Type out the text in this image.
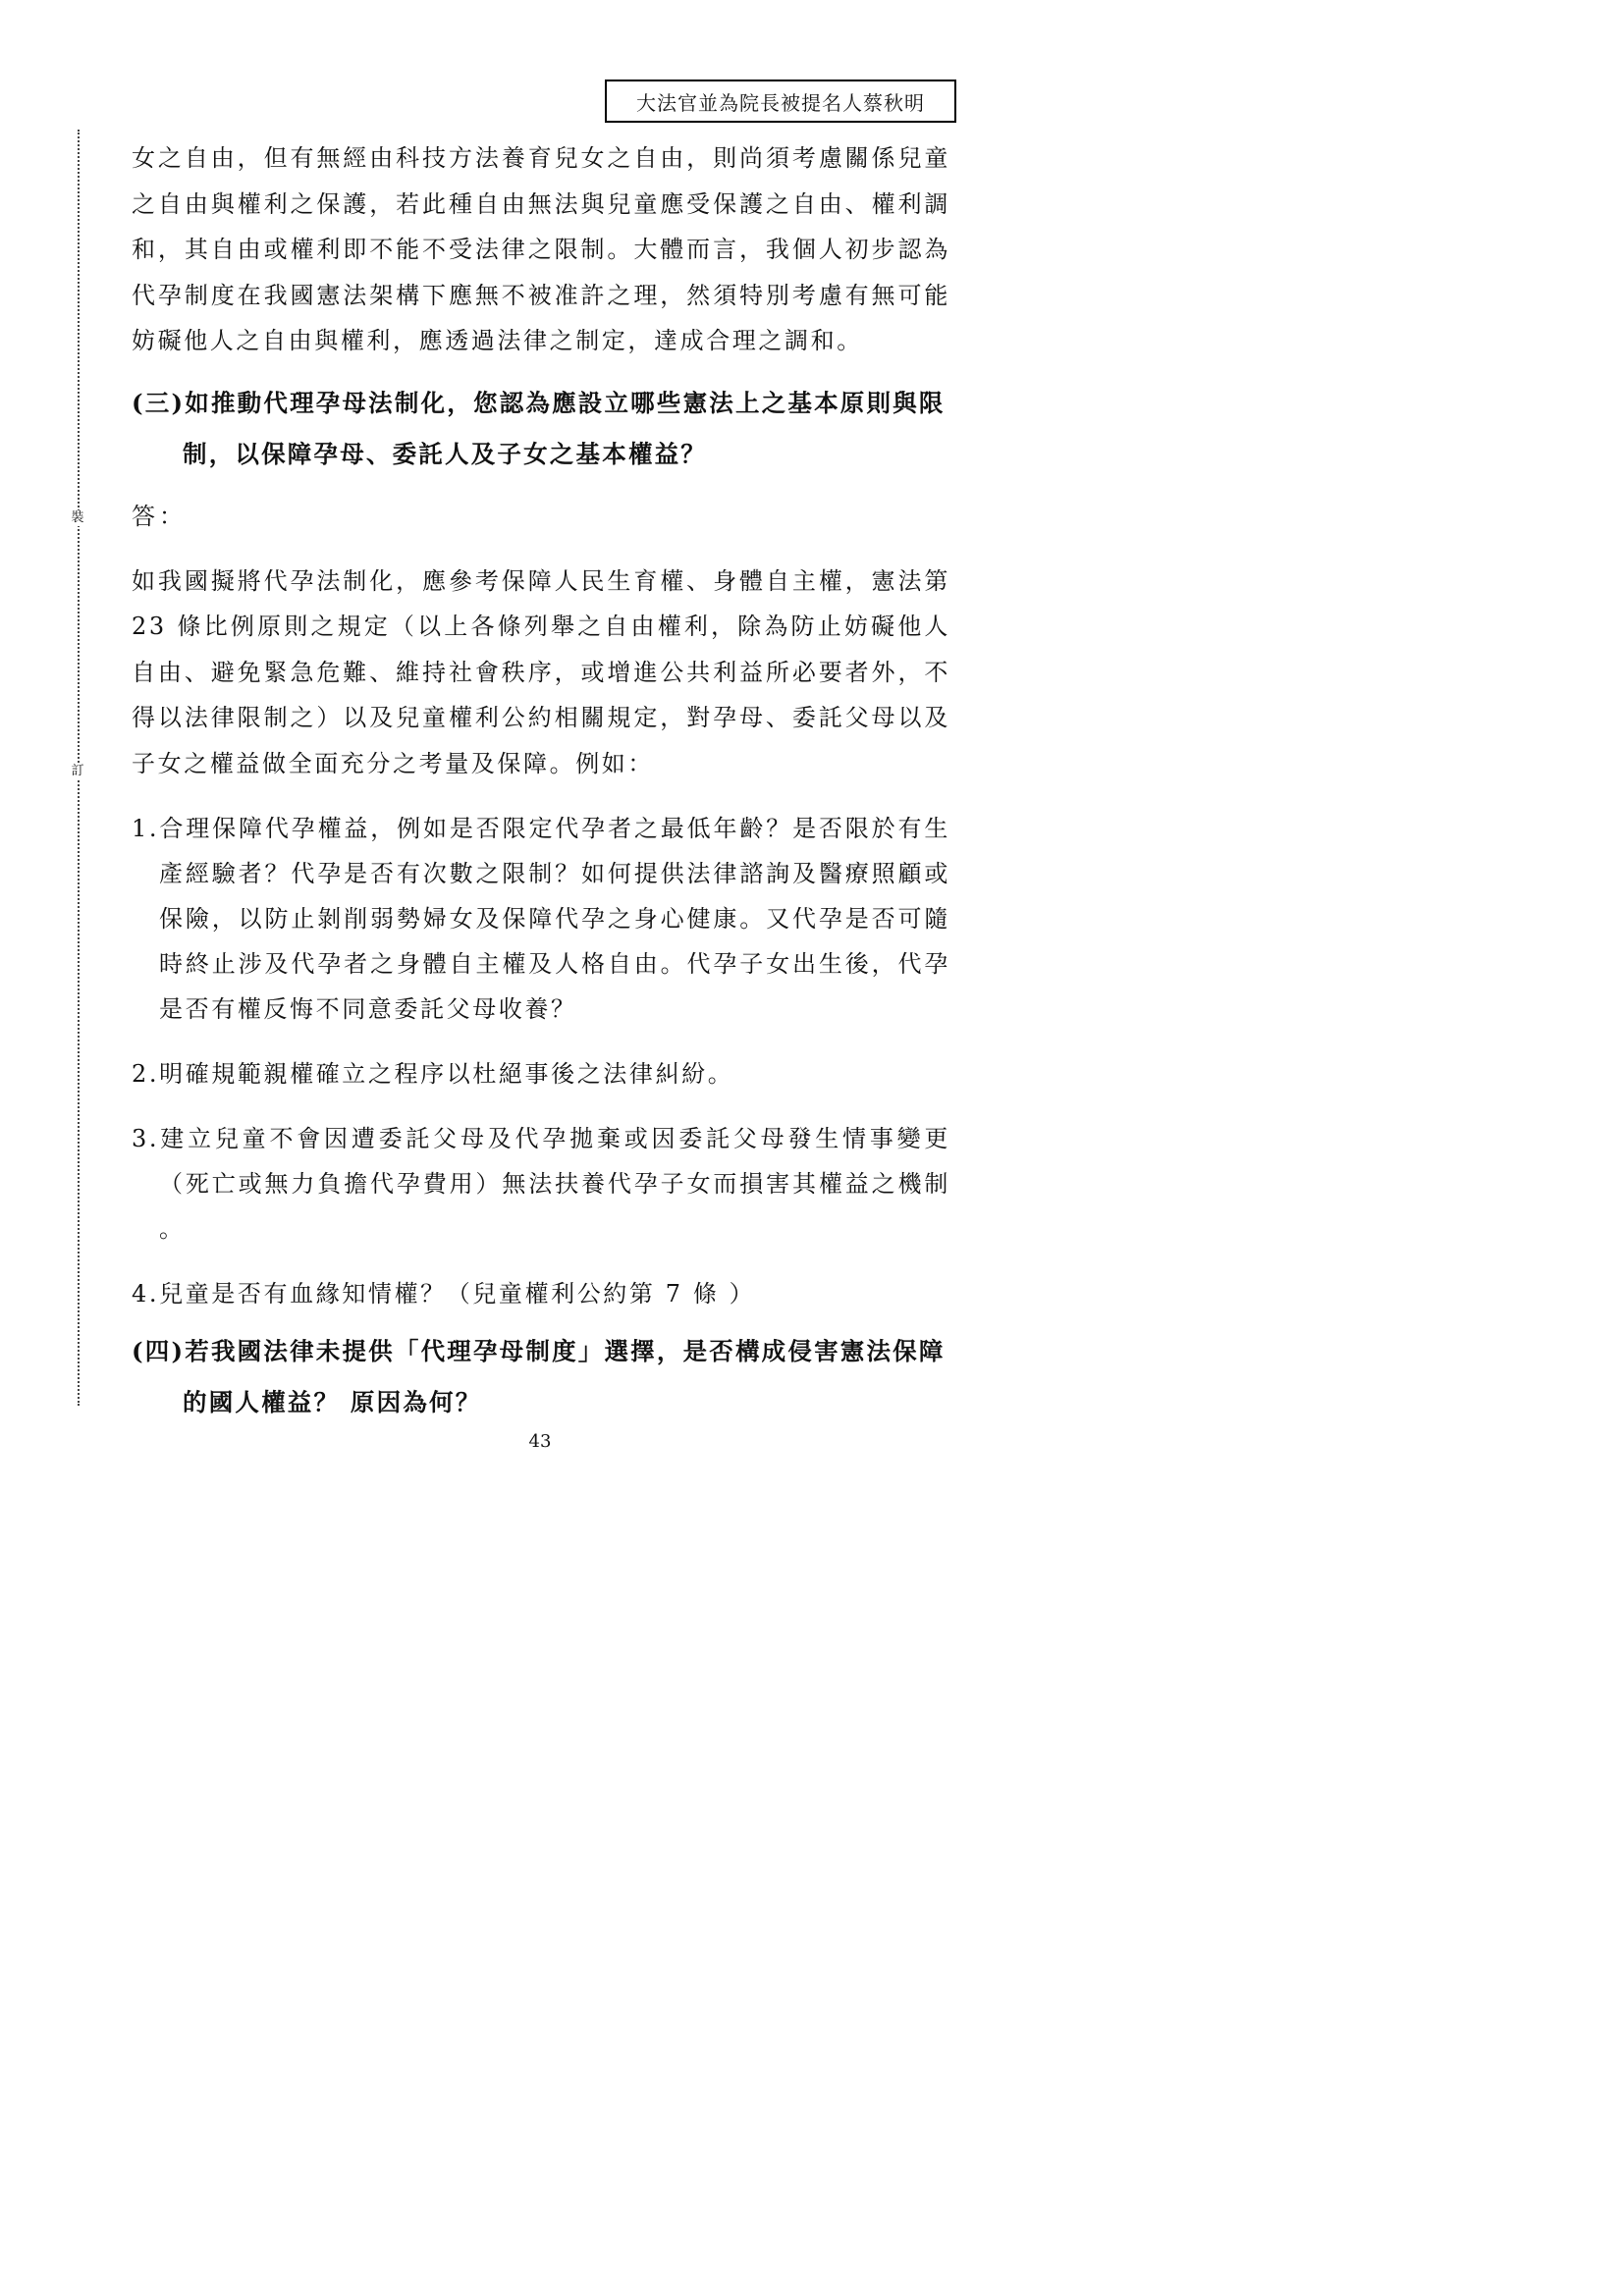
大法官並為院長被提名人蔡秋明
裝
訂

女之自由，但有無經由科技方法養育兒女之自由，則尚須考慮關係兒童之自由與權利之保護，若此種自由無法與兒童應受保護之自由、權利調和，其自由或權利即不能不受法律之限制。大體而言，我個人初步認為代孕制度在我國憲法架構下應無不被准許之理，然須特別考慮有無可能妨礙他人之自由與權利，應透過法律之制定，達成合理之調和。

(三)如推動代理孕母法制化，您認為應設立哪些憲法上之基本原則與限制，以保障孕母、委託人及子女之基本權益？

答：

如我國擬將代孕法制化，應參考保障人民生育權、身體自主權，憲法第 23 條比例原則之規定（以上各條列舉之自由權利，除為防止妨礙他人自由、避免緊急危難、維持社會秩序，或增進公共利益所必要者外，不得以法律限制之）以及兒童權利公約相關規定，對孕母、委託父母以及子女之權益做全面充分之考量及保障。例如：

1.合理保障代孕權益，例如是否限定代孕者之最低年齡？是否限於有生產經驗者？代孕是否有次數之限制？如何提供法律諮詢及醫療照顧或保險，以防止剝削弱勢婦女及保障代孕之身心健康。又代孕是否可隨時終止涉及代孕者之身體自主權及人格自由。代孕子女出生後，代孕是否有權反悔不同意委託父母收養？

2.明確規範親權確立之程序以杜絕事後之法律糾紛。

3.建立兒童不會因遭委託父母及代孕拋棄或因委託父母發生情事變更（死亡或無力負擔代孕費用）無法扶養代孕子女而損害其權益之機制 。

4.兒童是否有血緣知情權？（兒童權利公約第 7 條 ）

(四)若我國法律未提供「代理孕母制度」選擇，是否構成侵害憲法保障的國人權益？ 原因為何？

43
